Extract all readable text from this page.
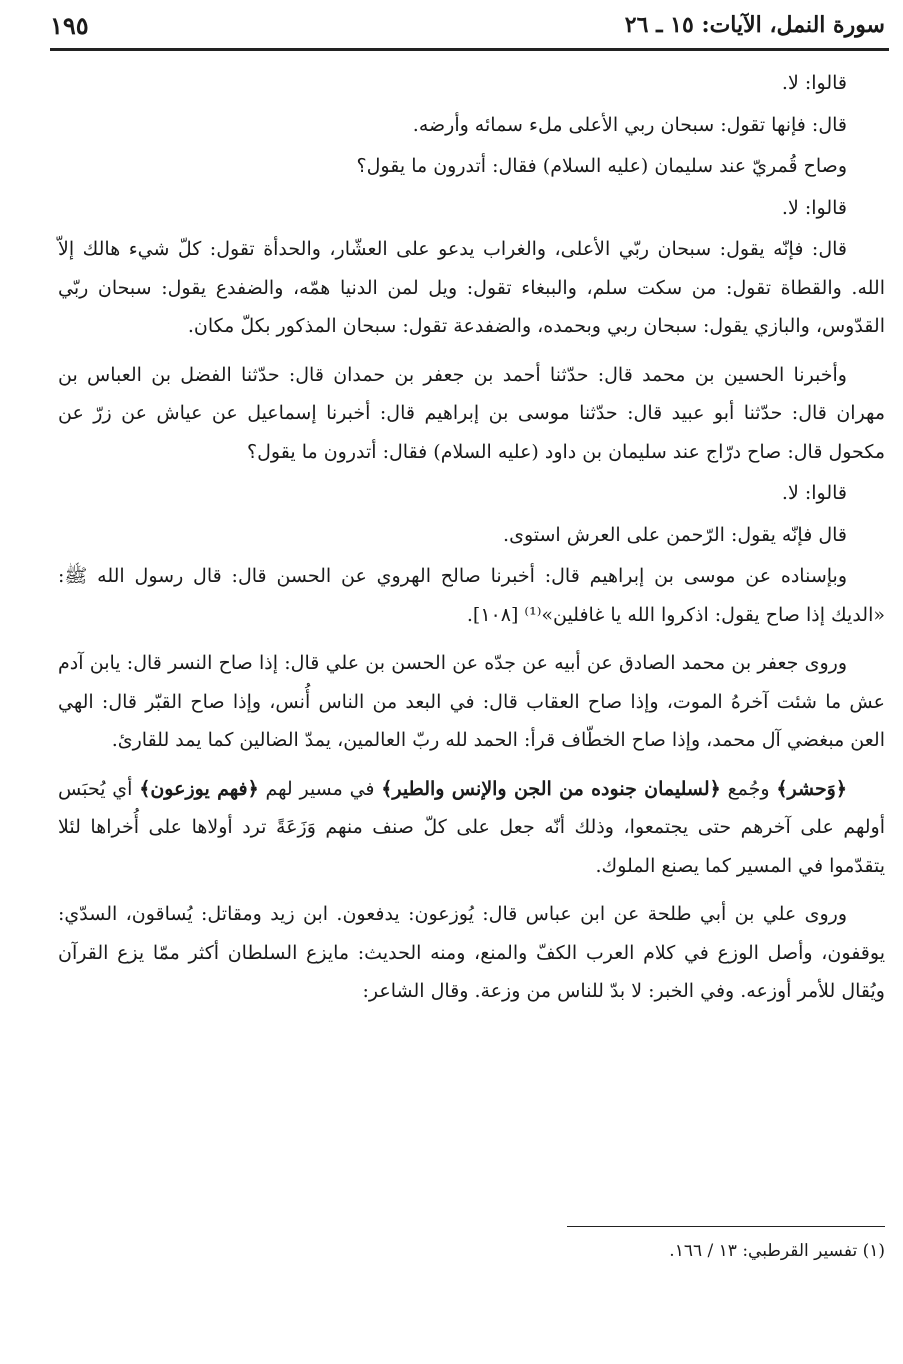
سورة النمل، الآيات: ١٥ ـ ٢٦
١٩٥

قالوا: لا.

قال: فإنها تقول: سبحان ربي الأعلى ملء سمائه وأرضه.

وصاح قُمريّ عند سليمان (عليه السلام) فقال: أتدرون ما يقول؟

قالوا: لا.

قال: فإنّه يقول: سبحان ربّي الأعلى، والغراب يدعو على العشّار، والحدأة تقول: كلّ شيء هالك إلاّ الله. والقطاة تقول: من سكت سلم، والببغاء تقول: ويل لمن الدنيا همّه، والضفدع يقول: سبحان ربّي القدّوس، والبازي يقول: سبحان ربي وبحمده، والضفدعة تقول: سبحان المذكور بكلّ مكان.

وأخبرنا الحسين بن محمد قال: حدّثنا أحمد بن جعفر بن حمدان قال: حدّثنا الفضل بن العباس بن مهران قال: حدّثنا أبو عبيد قال: حدّثنا موسى بن إبراهيم قال: أخبرنا إسماعيل عن عياش عن زرّ عن مكحول قال: صاح درّاج عند سليمان بن داود (عليه السلام) فقال: أتدرون ما يقول؟

قالوا: لا.

قال فإنّه يقول: الرّحمن على العرش استوى.

وبإسناده عن موسى بن إبراهيم قال: أخبرنا صالح الهروي عن الحسن قال: قال رسول الله ﷺ: «الديك إذا صاح يقول: اذكروا الله يا غافلين»⁽¹⁾ [١٠٨].

وروى جعفر بن محمد الصادق عن أبيه عن جدّه عن الحسن بن علي قال: إذا صاح النسر قال: يابن آدم عش ما شئت آخرهُ الموت، وإذا صاح العقاب قال: في البعد من الناس أُنس، وإذا صاح القبّر قال: الهي العن مبغضي آل محمد، وإذا صاح الخطّاف قرأ: الحمد لله ربّ العالمين، يمدّ الضالين كما يمد للقارئ.

﴿وَحشر﴾ وجُمع ﴿لسليمان جنوده من الجن والإنس والطير﴾ في مسير لهم ﴿فهم يوزعون﴾ أي يُحبَس أولهم على آخرهم حتى يجتمعوا، وذلك أنّه جعل على كلّ صنف منهم وَزَعَةً ترد أولاها على أُخراها لئلا يتقدّموا في المسير كما يصنع الملوك.

وروى علي بن أبي طلحة عن ابن عباس قال: يُوزعون: يدفعون. ابن زيد ومقاتل: يُساقون، السدّي: يوقفون، وأصل الوزع في كلام العرب الكفّ والمنع، ومنه الحديث: مايزع السلطان أكثر ممّا يزع القرآن ويُقال للأمر أوزعه. وفي الخبر: لا بدّ للناس من وزعة. وقال الشاعر:

(١) تفسير القرطبي: ١٣ / ١٦٦.
